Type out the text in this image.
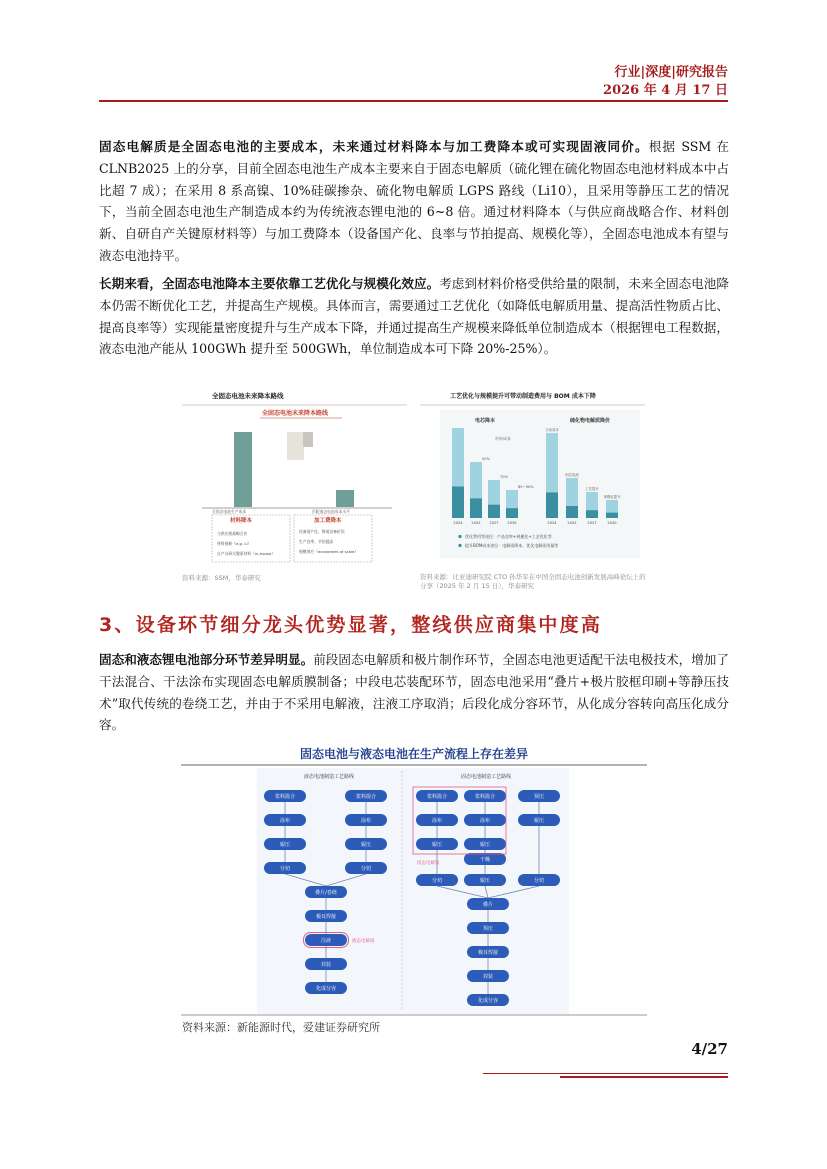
行业|深度|研究报告
2026 年 4 月 17 日
固态电解质是全固态电池的主要成本，未来通过材料降本与加工费降本或可实现固液同价。根据 SSM 在 CLNB2025 上的分享，目前全固态电池生产成本主要来自于固态电解质（硫化锂在硫化物固态电池材料成本中占比超 7 成）；在采用 8 系高镍、10%硅碳掺杂、硫化物电解质 LGPS 路线（Li10），且采用等静压工艺的情况下，当前全固态电池生产制造成本约为传统液态锂电池的 6~8 倍。通过材料降本（与供应商战略合作、材料创新、自研自产关键原材料等）与加工费降本（设备国产化、良率与节拍提高、规模化等），全固态电池成本有望与液态电池持平。
长期来看，全固态电池降本主要依靠工艺优化与规模化效应。考虑到材料价格受供给量的限制，未来全固态电池降本仍需不断优化工艺，并提高生产规模。具体而言，需要通过工艺优化（如降低电解质用量、提高活性物质占比、提高良率等）实现能量密度提升与生产成本下降，并通过提高生产规模来降低单位制造成本（根据锂电工程数据，液态电池产能从 100GWh 提升至 500GWh，单位制造成本可下降 20%-25%）。
全固态电池未来降本路线
全固态电池未来降本路线
全固态电池生产成本	匹配液态电池成本水平
材料降本	加工费降本
与供应商战略合作
材料创新（e.g. Li）
自产自研关键原材料（in-house）
设备国产化、降低设备折旧
生产良率、节拍提高
规模效应（economies of scale）
资料来源：SSM，华泰研究
工艺优化与规模提升可带动制造费用与 BOM 成本下降
电芯降本	硫化物电解质降价
材料成本
2024 2025
50%
2027
70%
2030
85~90%
2024
当前成本
2025
固态电池
2027
工艺提升
2030
规模化提升
优化费用等途径：产品良率+规模化+工艺优化等
提升BOM成本途径：电解质降本、优化电解质用量等
资料来源：比亚迪研究院 CTO 孙华军在中国全固态电池创新发展高峰论坛上的分享（2025 年 2 月 15 日），华泰研究
3、设备环节细分龙头优势显著，整线供应商集中度高
固态和液态锂电池部分环节差异明显。前段固态电解质和极片制作环节，全固态电池更适配干法电极技术，增加了干法混合、干法涂布实现固态电解质膜制备；中段电芯装配环节，固态电池采用“叠片+极片胶框印刷+等静压技术”取代传统的卷绕工艺，并由于不采用电解液，注液工序取消；后段化成分容环节，从化成分容转向高压化成分容。
固态电池与液态电池在生产流程上存在差异
液态电池制造工艺路线	固态电池制造工艺路线
浆料混合
涂布
辊压
分切
浆料混合
涂布
辊压
分切
叠片/卷绕
极耳焊接
注液
封装
化成分容
液态电解质
浆料混合
涂布
辊压
分切
浆料混合
涂布
辊压
干燥
辊压
固态电解质
预压
辊压
分切
叠片
预压
极耳焊接
封装
化成分容
资料来源：新能源时代，爱建证券研究所
4/27
